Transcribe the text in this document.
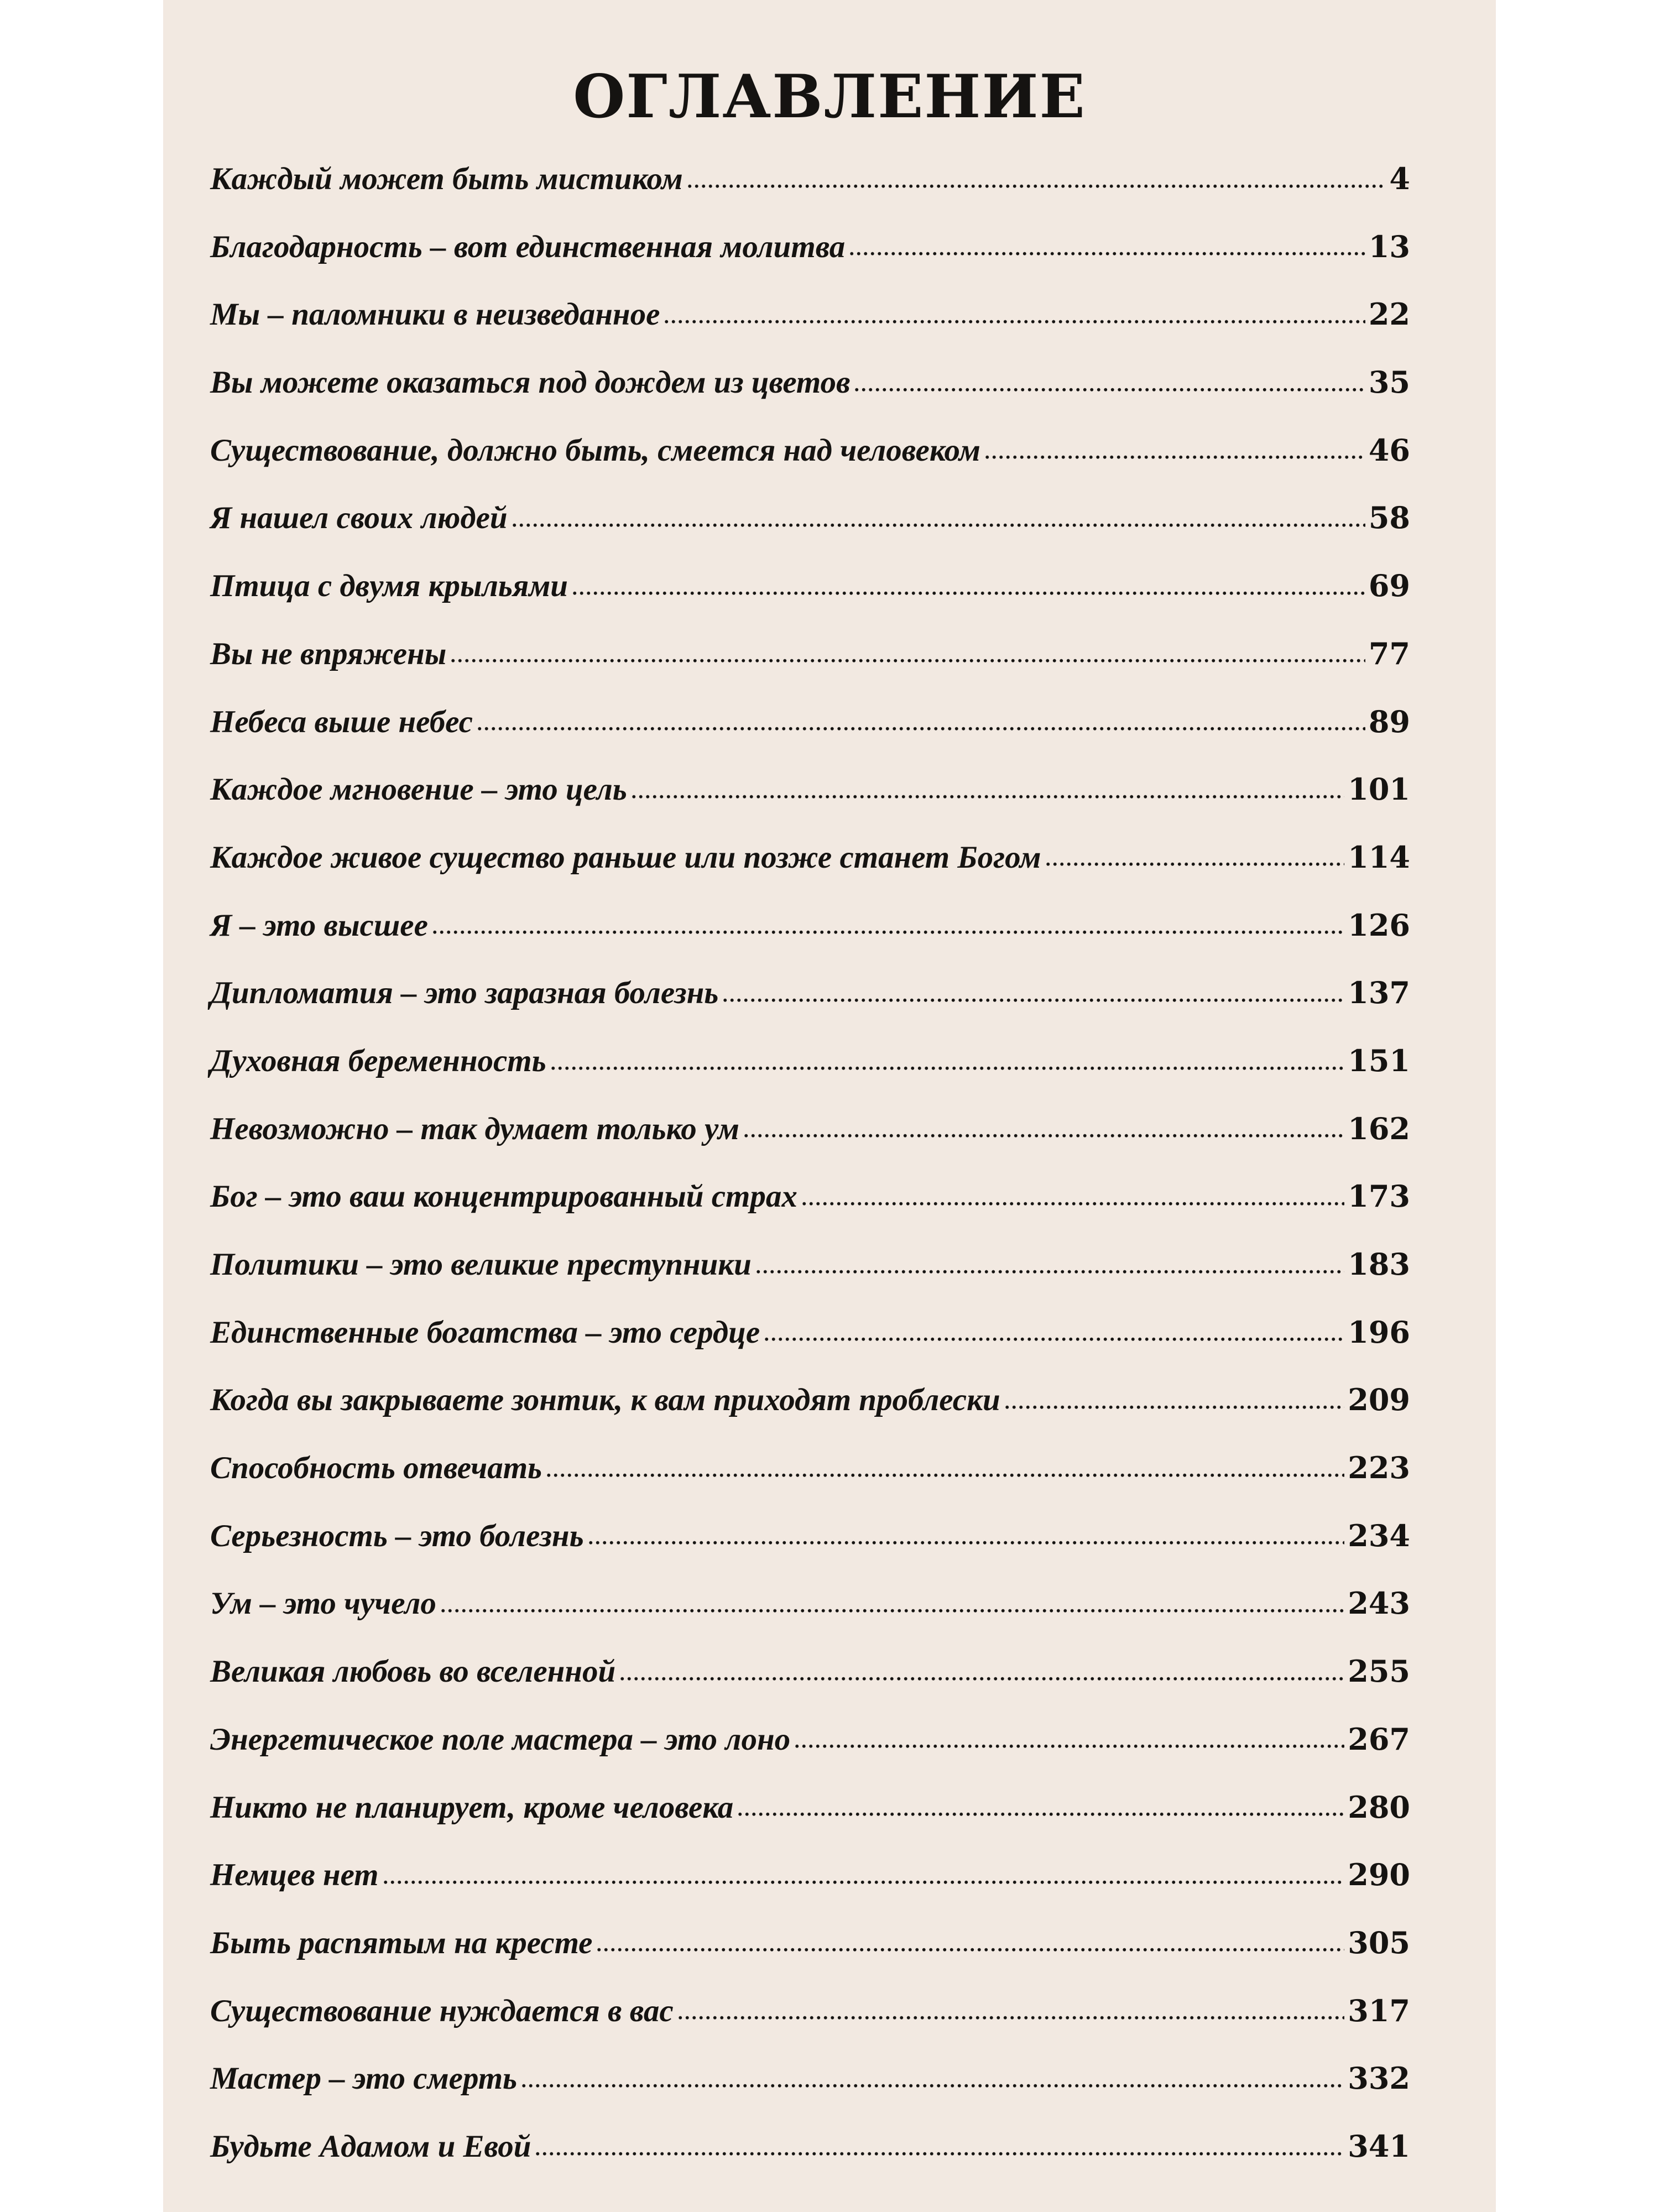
ОГЛАВЛЕНИЕ
Каждый может быть мистиком	4
Благодарность – вот единственная молитва	13
Мы – паломники в неизведанное	22
Вы можете оказаться под дождем из цветов	35
Существование, должно быть, смеется над человеком	46
Я нашел своих людей	58
Птица с двумя крыльями	69
Вы не впряжены	77
Небеса выше небес	89
Каждое мгновение – это цель	101
Каждое живое существо раньше или позже станет Богом	114
Я – это высшее	126
Дипломатия – это заразная болезнь	137
Духовная беременность	151
Невозможно – так думает только ум	162
Бог – это ваш концентрированный страх	173
Политики – это великие преступники	183
Единственные богатства – это сердце	196
Когда вы закрываете зонтик, к вам приходят проблески	209
Способность отвечать	223
Серьезность – это болезнь	234
Ум – это чучело	243
Великая любовь во вселенной	255
Энергетическое поле мастера – это лоно	267
Никто не планирует, кроме человека	280
Немцев нет	290
Быть распятым на кресте	305
Существование нуждается в вас	317
Мастер – это смерть	332
Будьте Адамом и Евой	341
